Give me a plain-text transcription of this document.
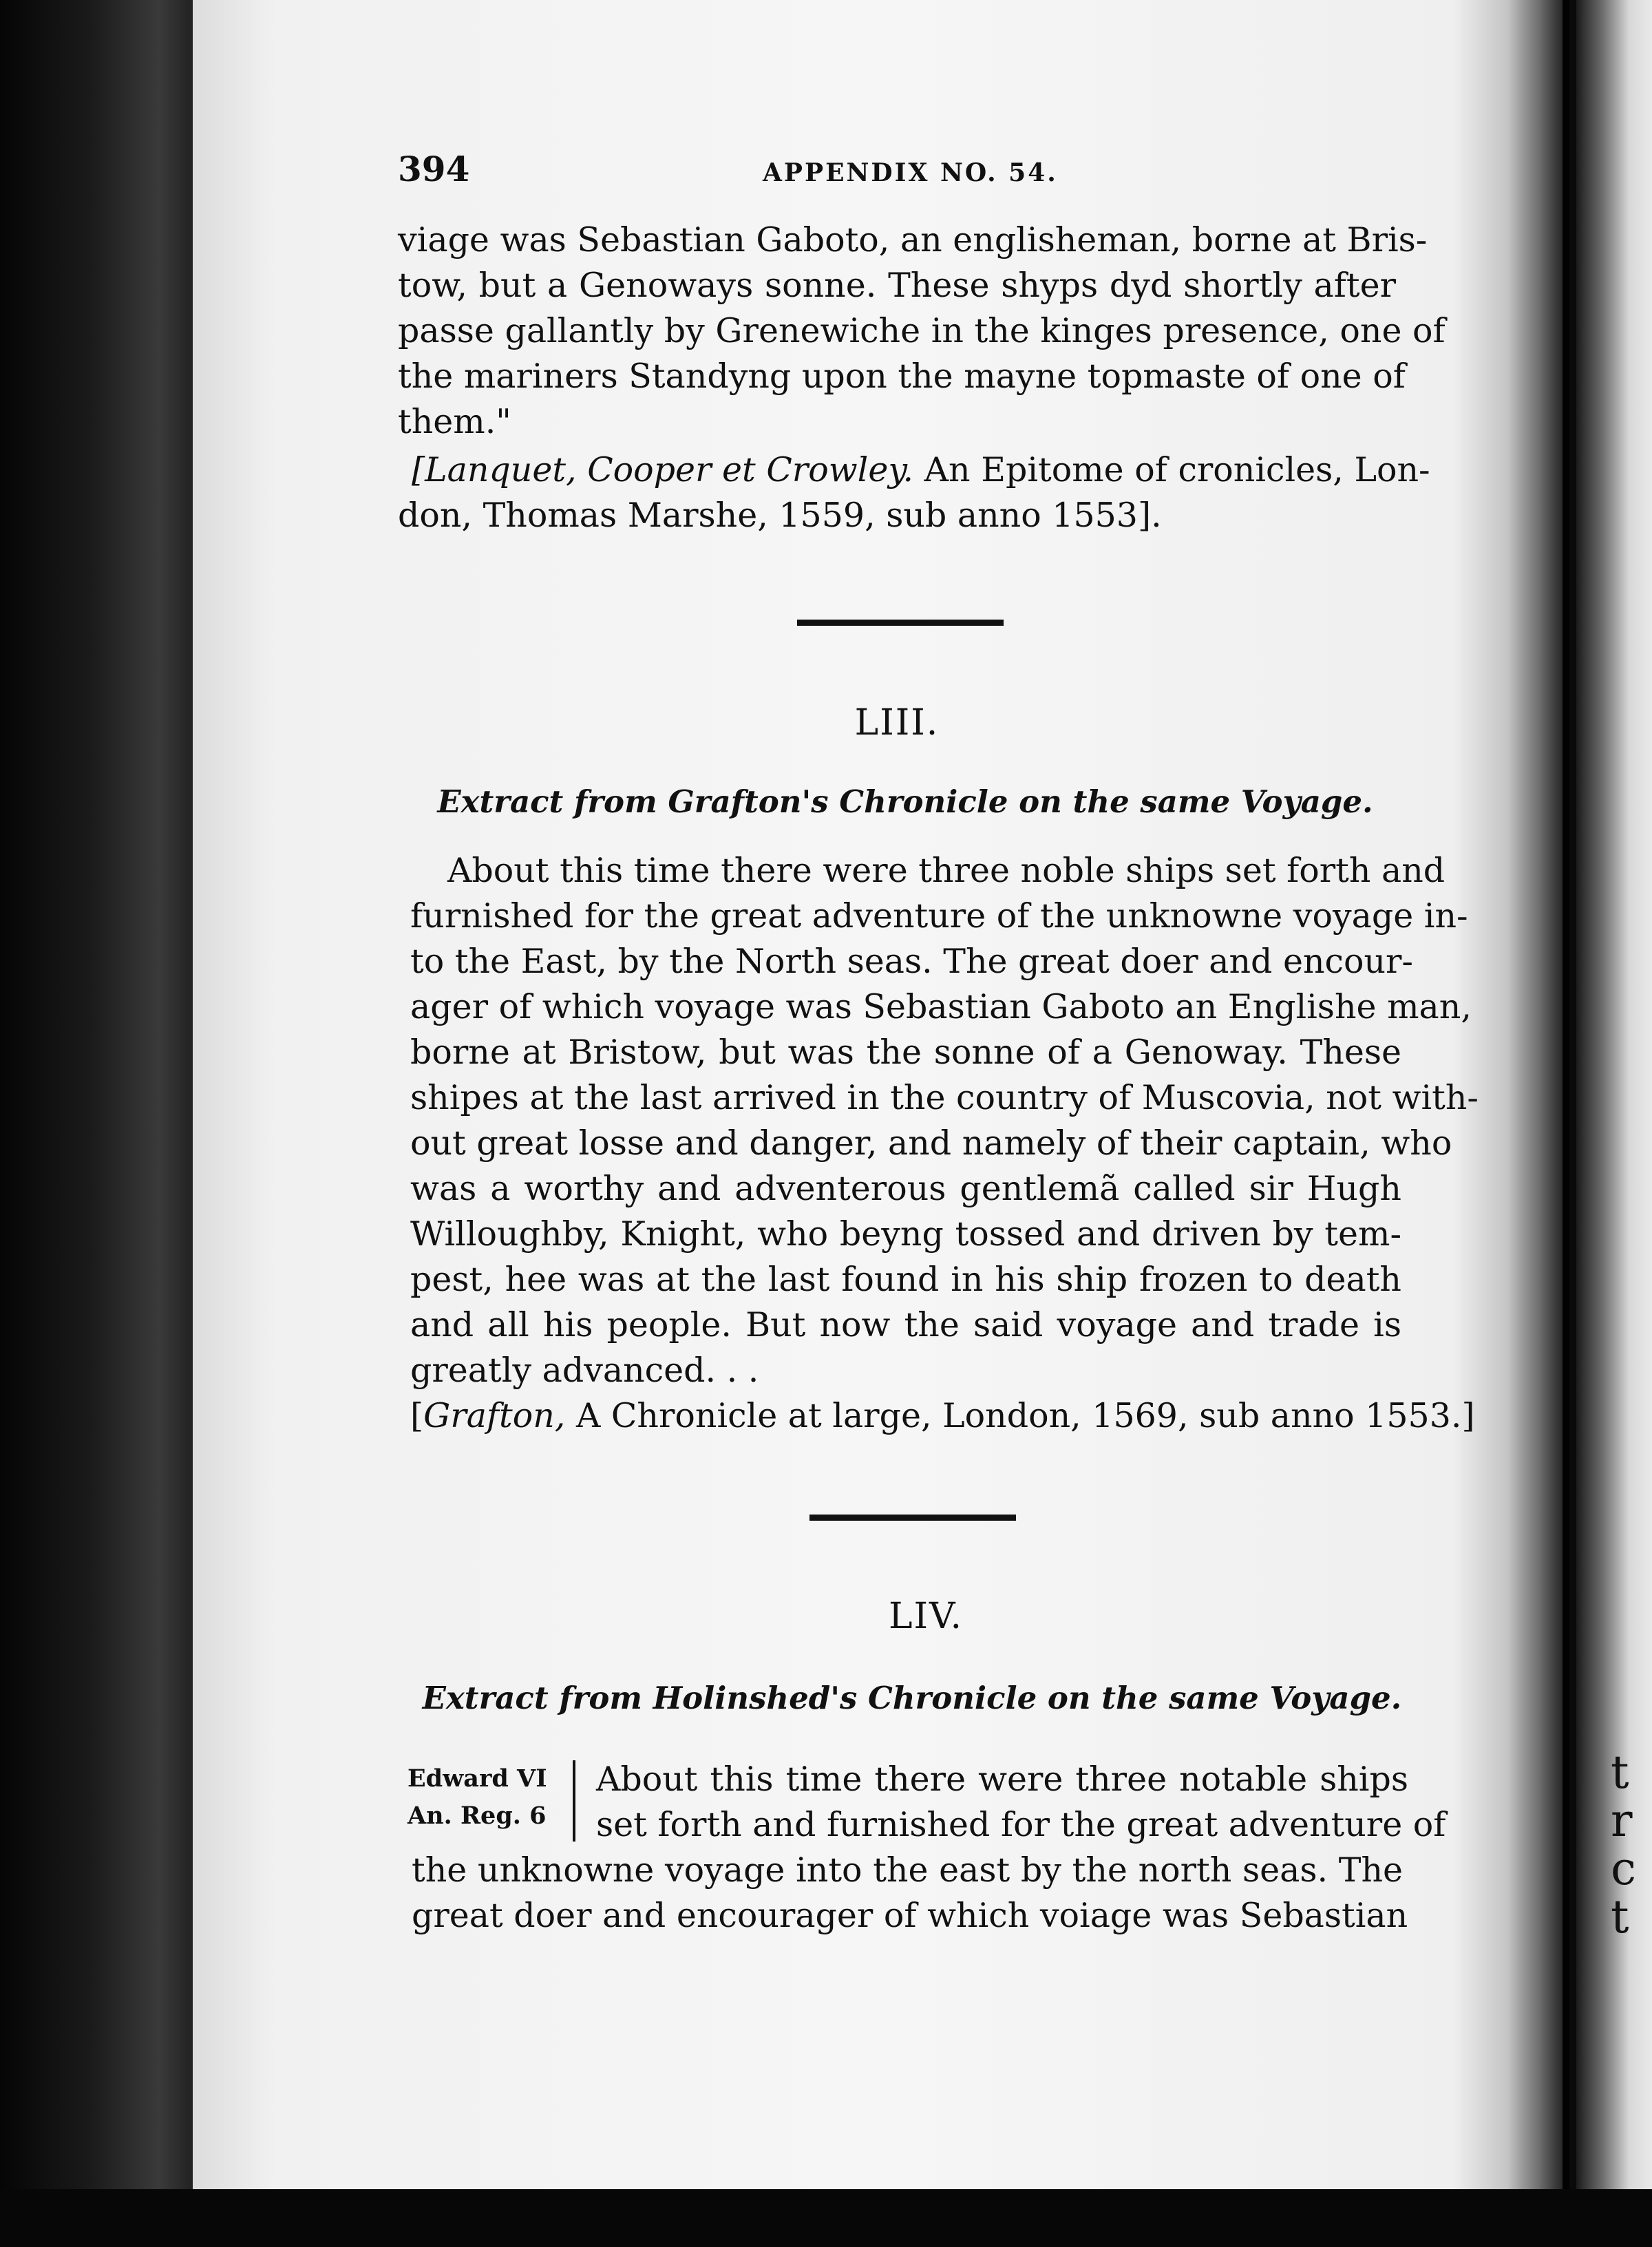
t
r
c
t
394	APPENDIX NO. 54.
viage was Sebastian Gaboto, an englisheman, borne at Bris-
tow, but a Genoways sonne. These shyps dyd shortly after
passe gallantly by Grenewiche in the kinges presence, one of
the mariners Standyng upon the mayne topmaste of one of
them."
[Lanquet, Cooper et Crowley. An Epitome of cronicles, Lon-
don, Thomas Marshe, 1559, sub anno 1553].
LIII.
Extract from Grafton's Chronicle on the same Voyage.
About this time there were three noble ships set forth and
furnished for the great adventure of the unknowne voyage in-
to the East, by the North seas. The great doer and encour-
ager of which voyage was Sebastian Gaboto an Englishe man,
borne at Bristow, but was the sonne of a Genoway. These
shipes at the last arrived in the country of Muscovia, not with-
out great losse and danger, and namely of their captain, who
was a worthy and adventerous gentlemã called sir Hugh
Willoughby, Knight, who beyng tossed and driven by tem-
pest, hee was at the last found in his ship frozen to death
and all his people. But now the said voyage and trade is
greatly advanced. . .
[Grafton, A Chronicle at large, London, 1569, sub anno 1553.]
LIV.
Extract from Holinshed's Chronicle on the same Voyage.
Edward VI
An. Reg. 6
About this time there were three notable ships
set forth and furnished for the great adventure of
the unknowne voyage into the east by the north seas. The
great doer and encourager of which voiage was Sebastian
